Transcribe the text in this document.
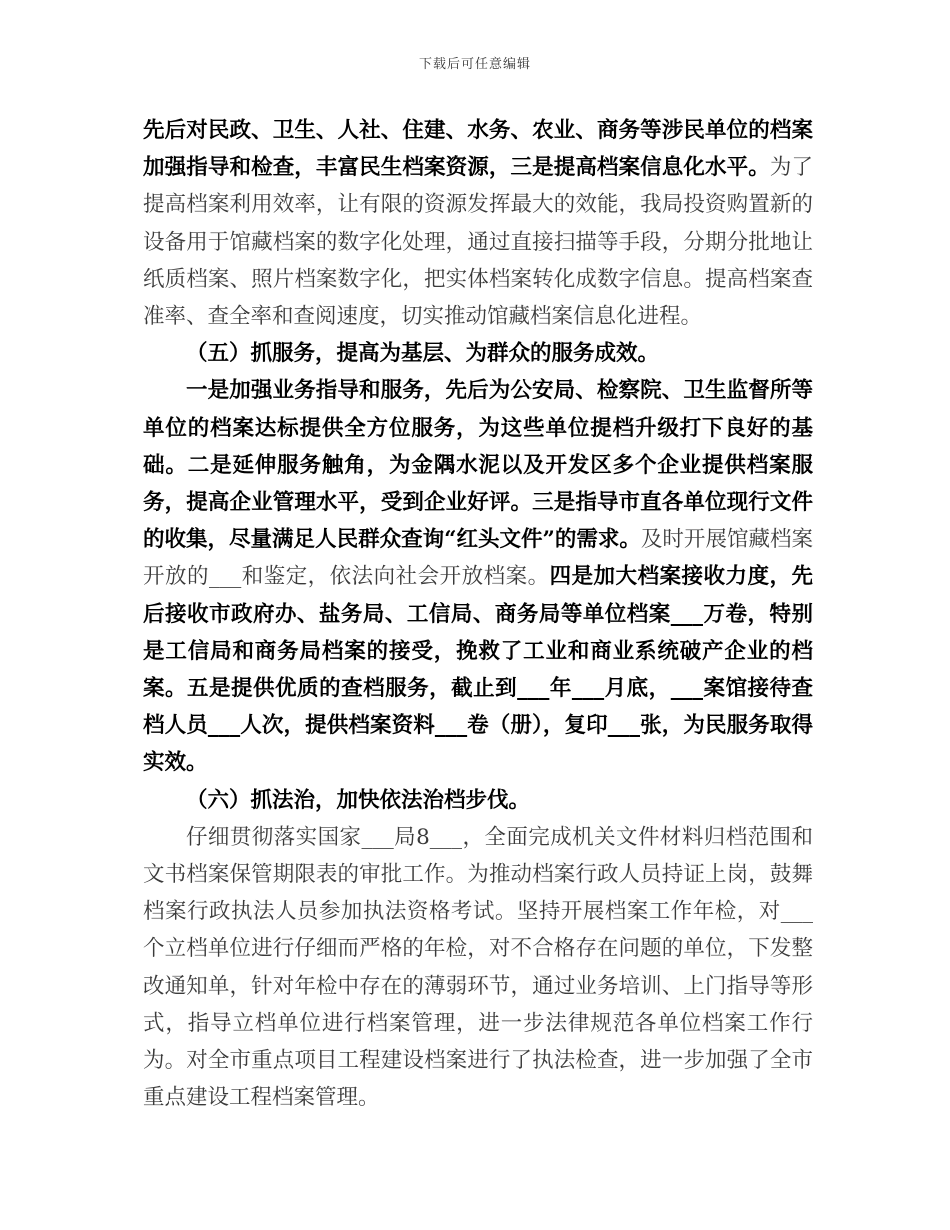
下载后可任意编辑

先后对民政、卫生、人社、住建、水务、农业、商务等涉民单位的档案加强指导和检查，丰富民生档案资源，三是提高档案信息化水平。为了提高档案利用效率，让有限的资源发挥最大的效能，我局投资购置新的设备用于馆藏档案的数字化处理，通过直接扫描等手段，分期分批地让纸质档案、照片档案数字化，把实体档案转化成数字信息。提高档案查准率、查全率和查阅速度，切实推动馆藏档案信息化进程。

（五）抓服务，提高为基层、为群众的服务成效。

一是加强业务指导和服务，先后为公安局、检察院、卫生监督所等单位的档案达标提供全方位服务，为这些单位提档升级打下良好的基础。二是延伸服务触角，为金隅水泥以及开发区多个企业提供档案服务，提高企业管理水平，受到企业好评。三是指导市直各单位现行文件的收集，尽量满足人民群众查询“红头文件”的需求。及时开展馆藏档案开放的___和鉴定，依法向社会开放档案。四是加大档案接收力度，先后接收市政府办、盐务局、工信局、商务局等单位档案___万卷，特别是工信局和商务局档案的接受，挽救了工业和商业系统破产企业的档案。五是提供优质的查档服务，截止到___年___月底，___案馆接待查档人员___人次，提供档案资料___卷（册），复印___张，为民服务取得实效。

（六）抓法治，加快依法治档步伐。

仔细贯彻落实国家___局8___，全面完成机关文件材料归档范围和文书档案保管期限表的审批工作。为推动档案行政人员持证上岗，鼓舞档案行政执法人员参加执法资格考试。坚持开展档案工作年检，对___个立档单位进行仔细而严格的年检，对不合格存在问题的单位，下发整改通知单，针对年检中存在的薄弱环节，通过业务培训、上门指导等形式，指导立档单位进行档案管理，进一步法律规范各单位档案工作行为。对全市重点项目工程建设档案进行了执法检查，进一步加强了全市重点建设工程档案管理。
